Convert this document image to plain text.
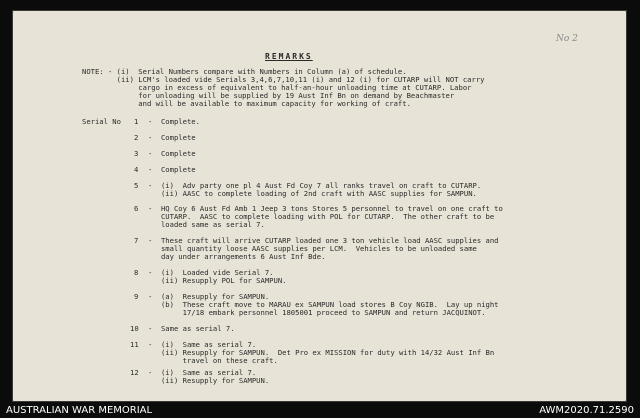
No 2
REMARKS
NOTE: - (i)  Serial Numbers compare with Numbers in Column (a) of schedule.
(ii) LCM's loaded vide Serials 3,4,6,7,10,11 (i) and 12 (i) for CUTARP will NOT carry
cargo in excess of equivalent to half-an-hour unloading time at CUTARP. Labor
for unloading will be supplied by 19 Aust Inf Bn on demand by Beachmaster
and will be available to maximum capacity for working of craft.
Serial No 1 -  Complete.
2 -  Complete
3 -  Complete
4 -  Complete
5 -  (i)  Adv party one pl 4 Aust Fd Coy 7 all ranks travel on craft to CUTARP.
(ii) AASC to complete loading of 2nd craft with AASC supplies for SAMPUN.
6 -  HQ Coy 6 Aust Fd Amb 1 Jeep 3 tons Stores 5 personnel to travel on one craft to
CUTARP.  AASC to complete loading with POL for CUTARP.  The other craft to be
loaded same as serial 7.
7 -  These craft will arrive CUTARP loaded one 3 ton vehicle load AASC supplies and
small quantity loose AASC supplies per LCM.  Vehicles to be unloaded same
day under arrangements 6 Aust Inf Bde.
8 -  (i)  Loaded vide Serial 7.
(ii) Resupply POL for SAMPUN.
9 -  (a)  Resupply for SAMPUN.
(b)  These craft move to MARAU ex SAMPUN load stores B Coy NGIB.  Lay up night
17/18 embark personnel 1805001 proceed to SAMPUN and return JACQUINOT.
10 -  Same as serial 7.
11 -  (i)  Same as serial 7.
(ii) Resupply for SAMPUN.  Det Pro ex MISSION for duty with 14/32 Aust Inf Bn
travel on these craft.
12 -  (i)  Same as serial 7.
(ii) Resupply for SAMPUN.
AUSTRALIAN WAR MEMORIAL	AWM2020.71.2590
